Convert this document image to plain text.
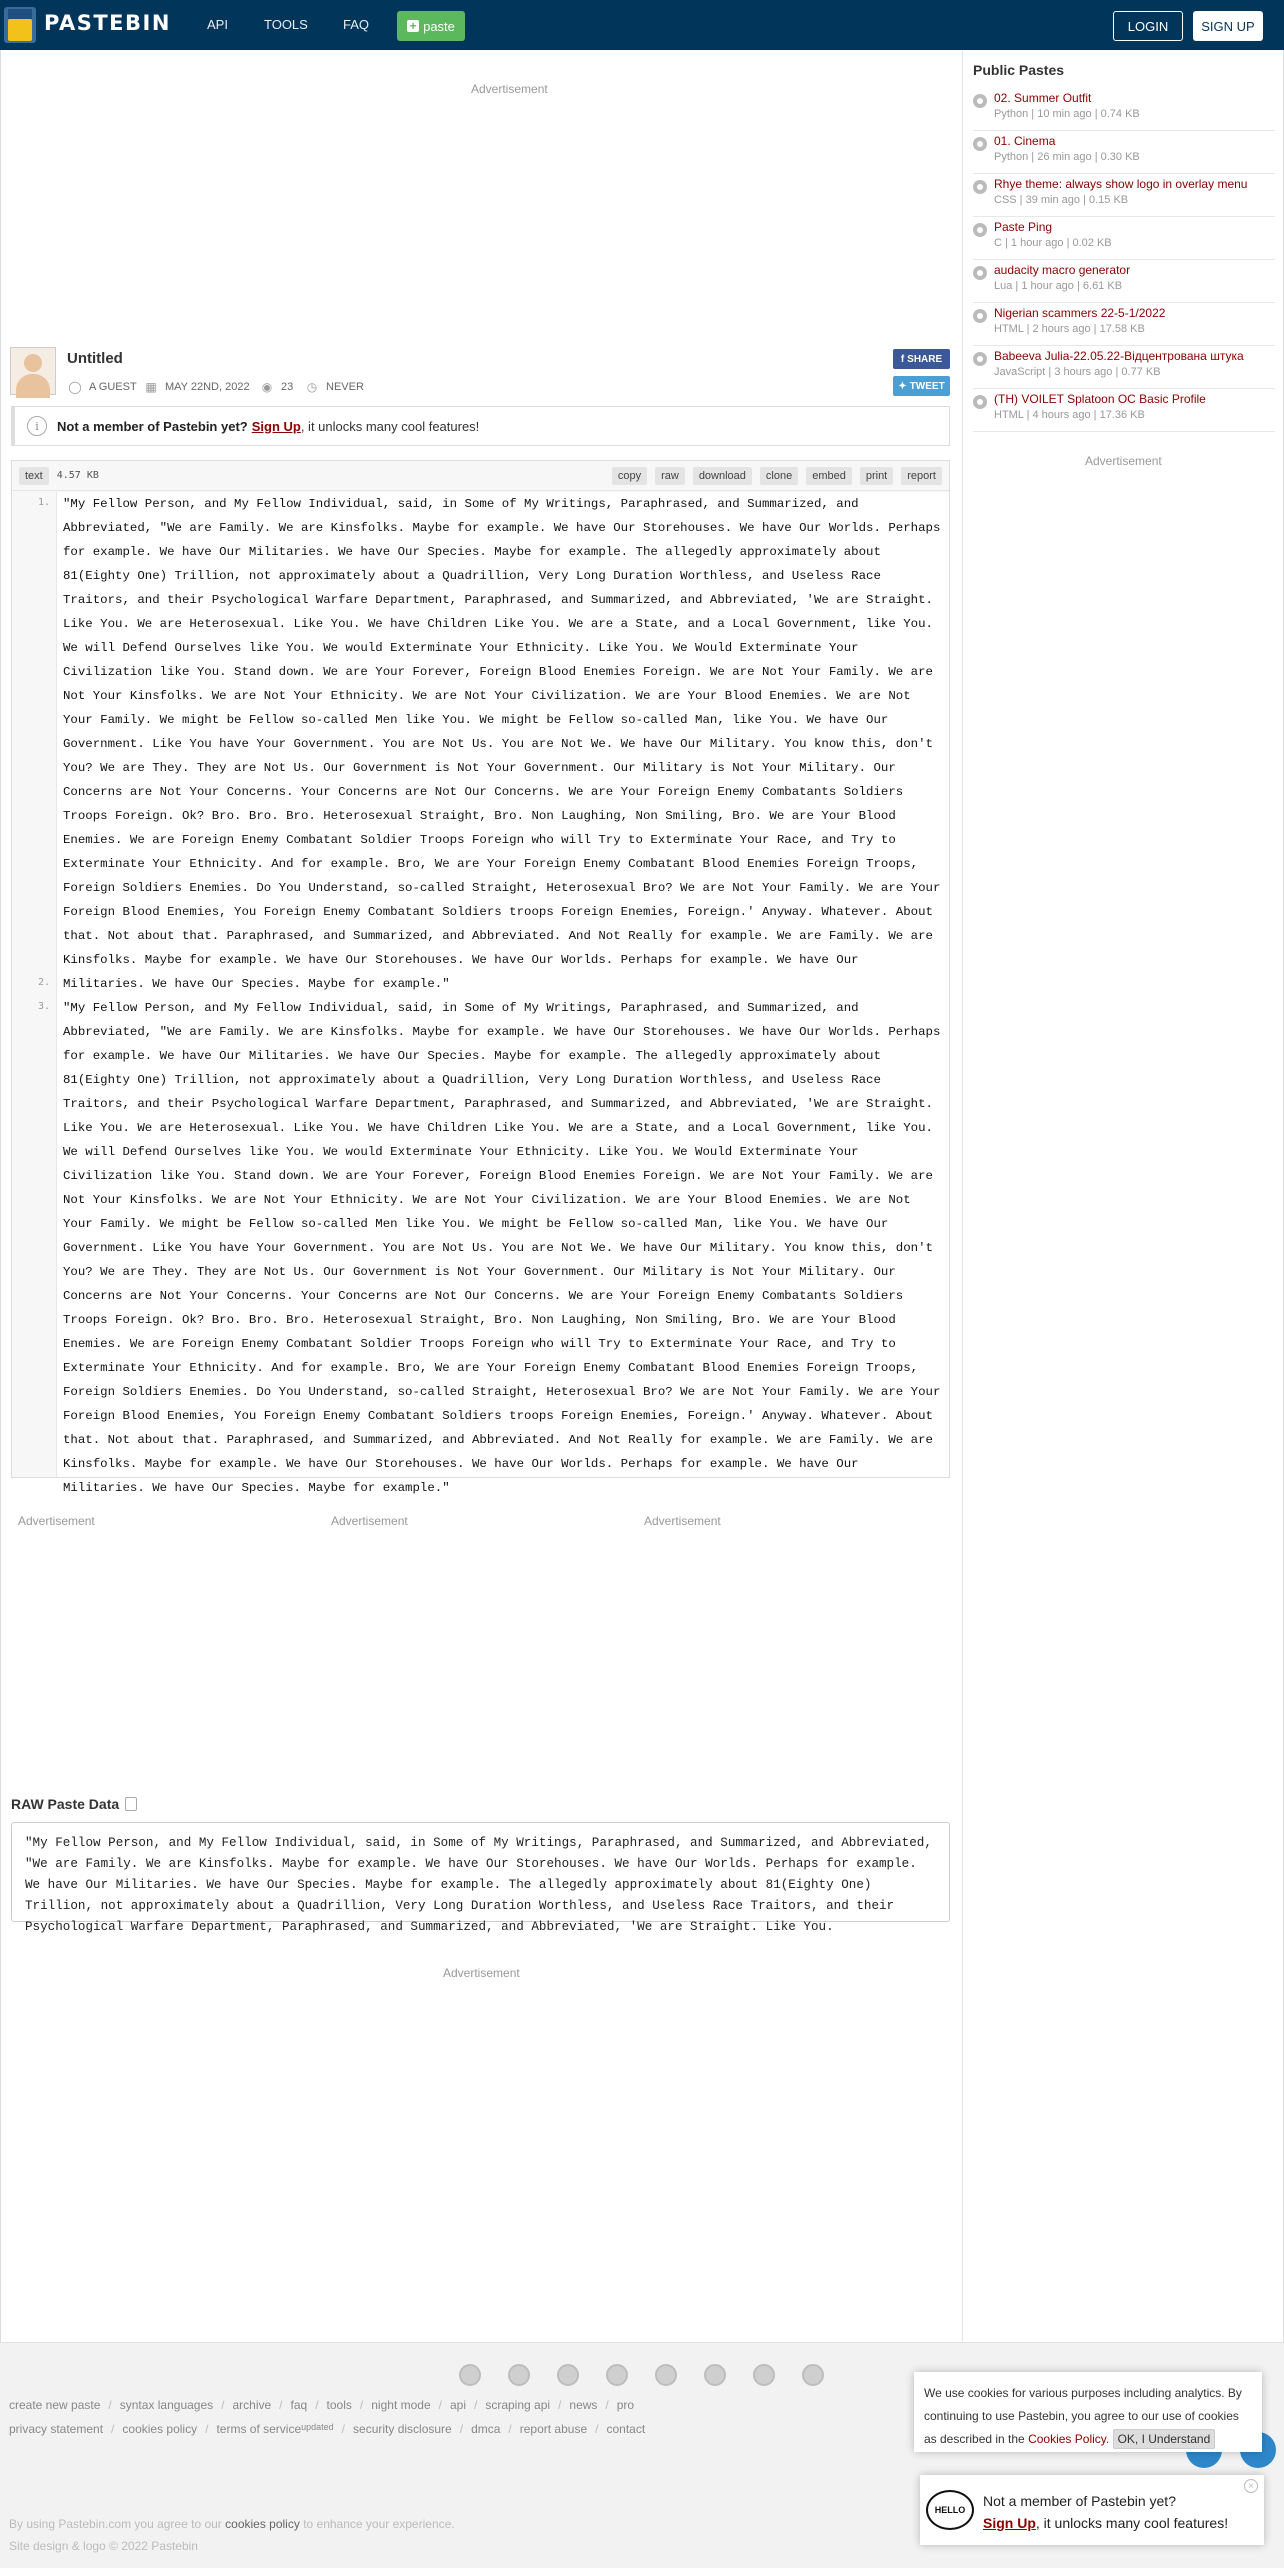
PASTEBIN	API	TOOLS	FAQ	+ paste	LOGIN	SIGN UP
Advertisement
Untitled
◯ A GUEST ▦ MAY 22ND, 2022 ◉ 23 ◷ NEVER
f SHARE
✦ TWEET
i	Not a member of Pastebin yet? Sign Up , it unlocks many cool features!
text	4.57 KB	copy	raw	download	clone	embed	print	report
1.
2.
3.
"My Fellow Person, and My Fellow Individual, said, in Some of My Writings, Paraphrased, and Summarized, and Abbreviated, "We are Family. We are Kinsfolks. Maybe for example. We have Our Storehouses. We have Our Worlds. Perhaps for example. We have Our Militaries. We have Our Species. Maybe for example. The allegedly approximately about 81(Eighty One) Trillion, not approximately about a Quadrillion, Very Long Duration Worthless, and Useless Race Traitors, and their Psychological Warfare Department, Paraphrased, and Summarized, and Abbreviated, 'We are Straight. Like You. We are Heterosexual. Like You. We have Children Like You. We are a State, and a Local Government, like You. We will Defend Ourselves like You. We would Exterminate Your Ethnicity. Like You. We Would Exterminate Your Civilization like You. Stand down. We are Your Forever, Foreign Blood Enemies Foreign. We are Not Your Family. We are Not Your Kinsfolks. We are Not Your Ethnicity. We are Not Your Civilization. We are Your Blood Enemies. We are Not Your Family. We might be Fellow so-called Men like You. We might be Fellow so-called Man, like You. We have Our Government. Like You have Your Government. You are Not Us. You are Not We. We have Our Military. You know this, don't You? We are They. They are Not Us. Our Government is Not Your Government. Our Military is Not Your Military. Our Concerns are Not Your Concerns. Your Concerns are Not Our Concerns. We are Your Foreign Enemy Combatants Soldiers Troops Foreign. Ok? Bro. Bro. Bro. Heterosexual Straight, Bro. Non Laughing, Non Smiling, Bro. We are Your Blood Enemies. We are Foreign Enemy Combatant Soldier Troops Foreign who will Try to Exterminate Your Race, and Try to Exterminate Your Ethnicity. And for example. Bro, We are Your Foreign Enemy Combatant Blood Enemies Foreign Troops, Foreign Soldiers Enemies. Do You Understand, so-called Straight, Heterosexual Bro? We are Not Your Family. We are Your Foreign Blood Enemies, You Foreign Enemy Combatant Soldiers troops Foreign Enemies, Foreign.' Anyway. Whatever. About that. Not about that. Paraphrased, and Summarized, and Abbreviated. And Not Really for example. We are Family. We are Kinsfolks. Maybe for example. We have Our Storehouses. We have Our Worlds. Perhaps for example. We have Our Militaries. We have Our Species. Maybe for example."
"My Fellow Person, and My Fellow Individual, said, in Some of My Writings, Paraphrased, and Summarized, and Abbreviated, "We are Family. We are Kinsfolks. Maybe for example. We have Our Storehouses. We have Our Worlds. Perhaps for example. We have Our Militaries. We have Our Species. Maybe for example. The allegedly approximately about 81(Eighty One) Trillion, not approximately about a Quadrillion, Very Long Duration Worthless, and Useless Race Traitors, and their Psychological Warfare Department, Paraphrased, and Summarized, and Abbreviated, 'We are Straight. Like You. We are Heterosexual. Like You. We have Children Like You. We are a State, and a Local Government, like You. We will Defend Ourselves like You. We would Exterminate Your Ethnicity. Like You. We Would Exterminate Your Civilization like You. Stand down. We are Your Forever, Foreign Blood Enemies Foreign. We are Not Your Family. We are Not Your Kinsfolks. We are Not Your Ethnicity. We are Not Your Civilization. We are Your Blood Enemies. We are Not Your Family. We might be Fellow so-called Men like You. We might be Fellow so-called Man, like You. We have Our Government. Like You have Your Government. You are Not Us. You are Not We. We have Our Military. You know this, don't You? We are They. They are Not Us. Our Government is Not Your Government. Our Military is Not Your Military. Our Concerns are Not Your Concerns. Your Concerns are Not Our Concerns. We are Your Foreign Enemy Combatants Soldiers Troops Foreign. Ok? Bro. Bro. Bro. Heterosexual Straight, Bro. Non Laughing, Non Smiling, Bro. We are Your Blood Enemies. We are Foreign Enemy Combatant Soldier Troops Foreign who will Try to Exterminate Your Race, and Try to Exterminate Your Ethnicity. And for example. Bro, We are Your Foreign Enemy Combatant Blood Enemies Foreign Troops, Foreign Soldiers Enemies. Do You Understand, so-called Straight, Heterosexual Bro? We are Not Your Family. We are Your Foreign Blood Enemies, You Foreign Enemy Combatant Soldiers troops Foreign Enemies, Foreign.' Anyway. Whatever. About that. Not about that. Paraphrased, and Summarized, and Abbreviated. And Not Really for example. We are Family. We are Kinsfolks. Maybe for example. We have Our Storehouses. We have Our Worlds. Perhaps for example. We have Our Militaries. We have Our Species. Maybe for example."
Advertisement	Advertisement	Advertisement
RAW Paste Data
"My Fellow Person, and My Fellow Individual, said, in Some of My Writings, Paraphrased, and Summarized, and Abbreviated, "We are Family. We are Kinsfolks. Maybe for example. We have Our Storehouses. We have Our Worlds. Perhaps for example. We have Our Militaries. We have Our Species. Maybe for example. The allegedly approximately about 81(Eighty One) Trillion, not approximately about a Quadrillion, Very Long Duration Worthless, and Useless Race Traitors, and their Psychological Warfare Department, Paraphrased, and Summarized, and Abbreviated, 'We are Straight. Like You.
Advertisement
Public Pastes
02. Summer Outfit
Python | 10 min ago | 0.74 KB
01. Cinema
Python | 26 min ago | 0.30 KB
Rhye theme: always show logo in overlay menu
CSS | 39 min ago | 0.15 KB
Paste Ping
C | 1 hour ago | 0.02 KB
audacity macro generator
Lua | 1 hour ago | 6.61 KB
Nigerian scammers 22-5-1/2022
HTML | 2 hours ago | 17.58 KB
Babeeva Julia-22.05.22-Відцентрована штука
JavaScript | 3 hours ago | 0.77 KB
(TH) VOILET Splatoon OC Basic Profile
HTML | 4 hours ago | 17.36 KB
Advertisement
create new paste / syntax languages / archive / faq / tools / night mode / api / scraping api / news / pro
privacy statement / cookies policy / terms of service updated / security disclosure / dmca / report abuse / contact
By using Pastebin.com you agree to our cookies policy to enhance your experience.
Site design & logo © 2022 Pastebin
We use cookies for various purposes including analytics. By continuing to use Pastebin, you agree to our use of cookies as described in the Cookies Policy. OK, I Understand
HELLO
Not a member of Pastebin yet?
Sign Up, it unlocks many cool features!
×
